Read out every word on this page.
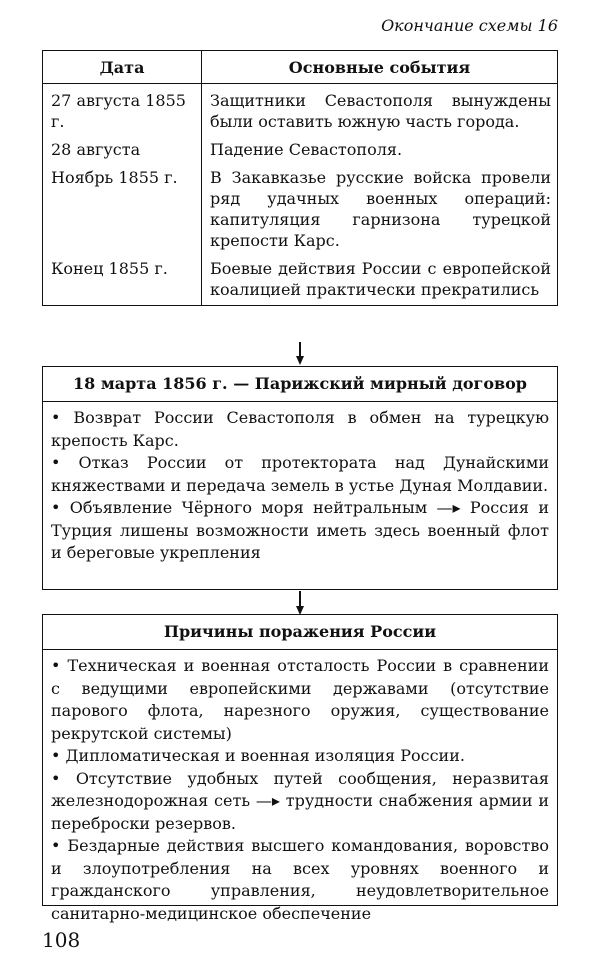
Окончание схемы 16
Дата	Основные события
27 августа 1855 г.	Защитники Севастополя вынуждены были оставить южную часть города.
28 августа	Падение Севастополя.
Ноябрь 1855 г.	В Закавказье русские войска провели ряд удачных военных операций: капитуляция гарнизона турецкой крепости Карс.
Конец 1855 г.	Боевые действия России с европейской коалицией практически прекратились
18 марта 1856 г. — Парижский мирный договор

• Возврат России Севастополя в обмен на турецкую крепость Карс.

• Отказ России от протектората над Дунайскими княжествами и передача земель в устье Дуная Молдавии.

• Объявление Чёрного моря нейтральным —▸ Россия и Турция лишены возможности иметь здесь военный флот и береговые укрепления

Причины поражения России

• Техническая и военная отсталость России в сравнении с ведущими европейскими державами (отсутствие парового флота, нарезного оружия, существование рекрутской системы)

• Дипломатическая и военная изоляция России.

• Отсутствие удобных путей сообщения, неразвитая железнодорожная сеть —▸ трудности снабжения армии и переброски резервов.

• Бездарные действия высшего командования, воровство и злоупотребления на всех уровнях военного и гражданского управления, неудовлетворительное санитарно-медицинское обеспечение

108
